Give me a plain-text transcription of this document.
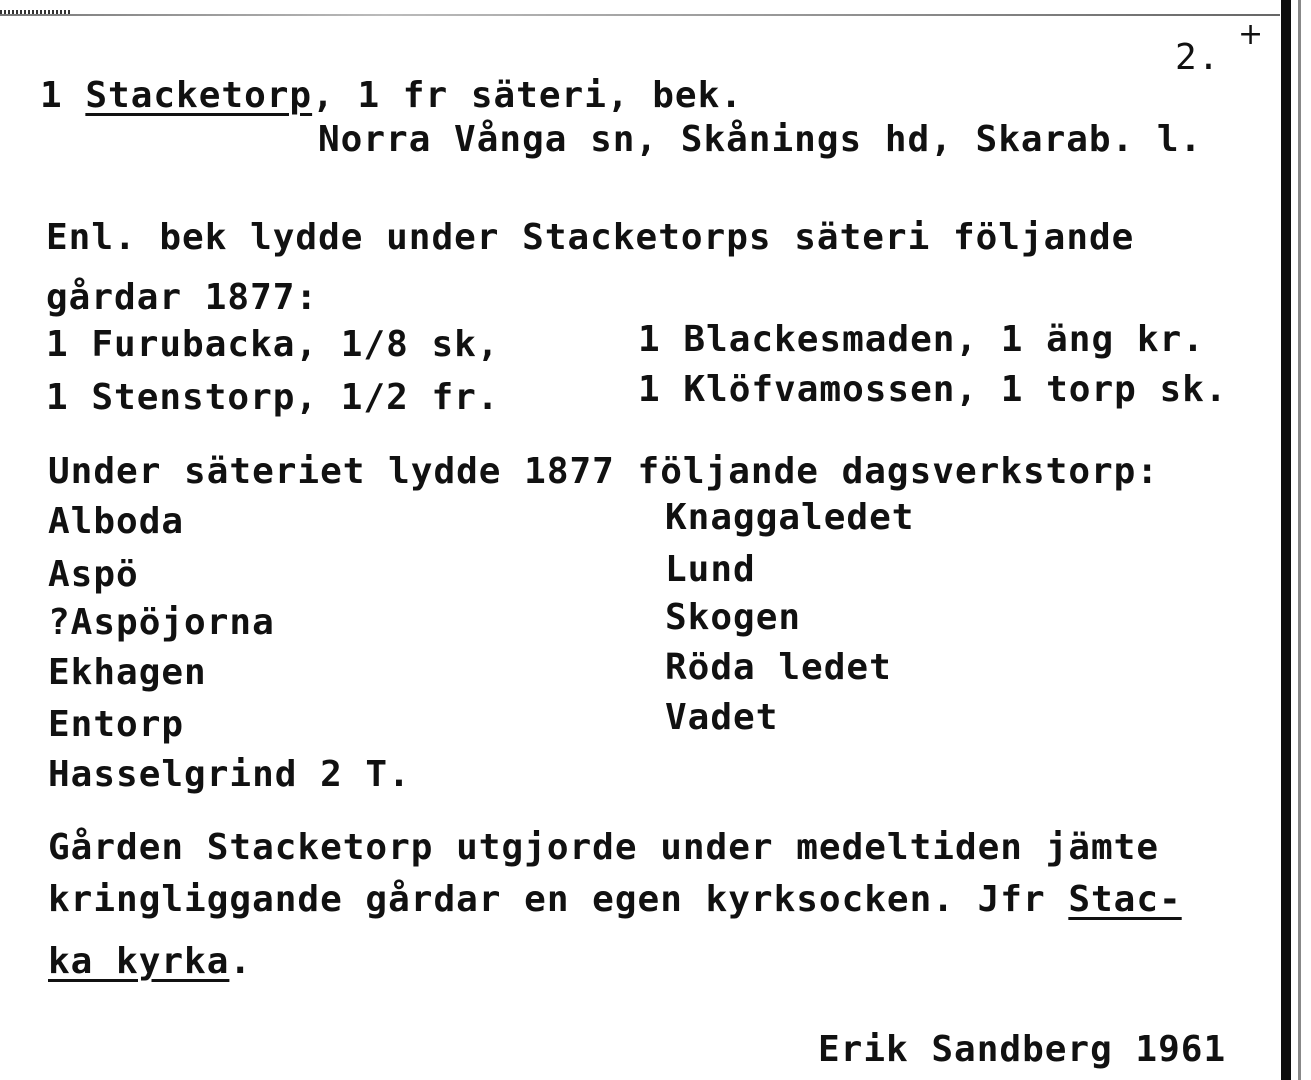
+
2.
1 Stacketorp, 1 fr säteri, bek.
Norra Vånga sn, Skånings hd, Skarab. l.
Enl. bek lydde under Stacketorps säteri följande
gårdar 1877:
1 Furubacka, 1/8 sk,	1 Blackesmaden, 1 äng kr.
1 Stenstorp, 1/2 fr.	1 Klöfvamossen, 1 torp sk.
Under säteriet lydde 1877 följande dagsverkstorp:
Alboda
Aspö
?Aspöjorna
Ekhagen
Entorp
Hasselgrind 2 T.
Knaggaledet
Lund
Skogen
Röda ledet
Vadet
Gården Stacketorp utgjorde under medeltiden jämte
kringliggande gårdar en egen kyrksocken. Jfr Stac-
ka kyrka.
Erik Sandberg 1961
